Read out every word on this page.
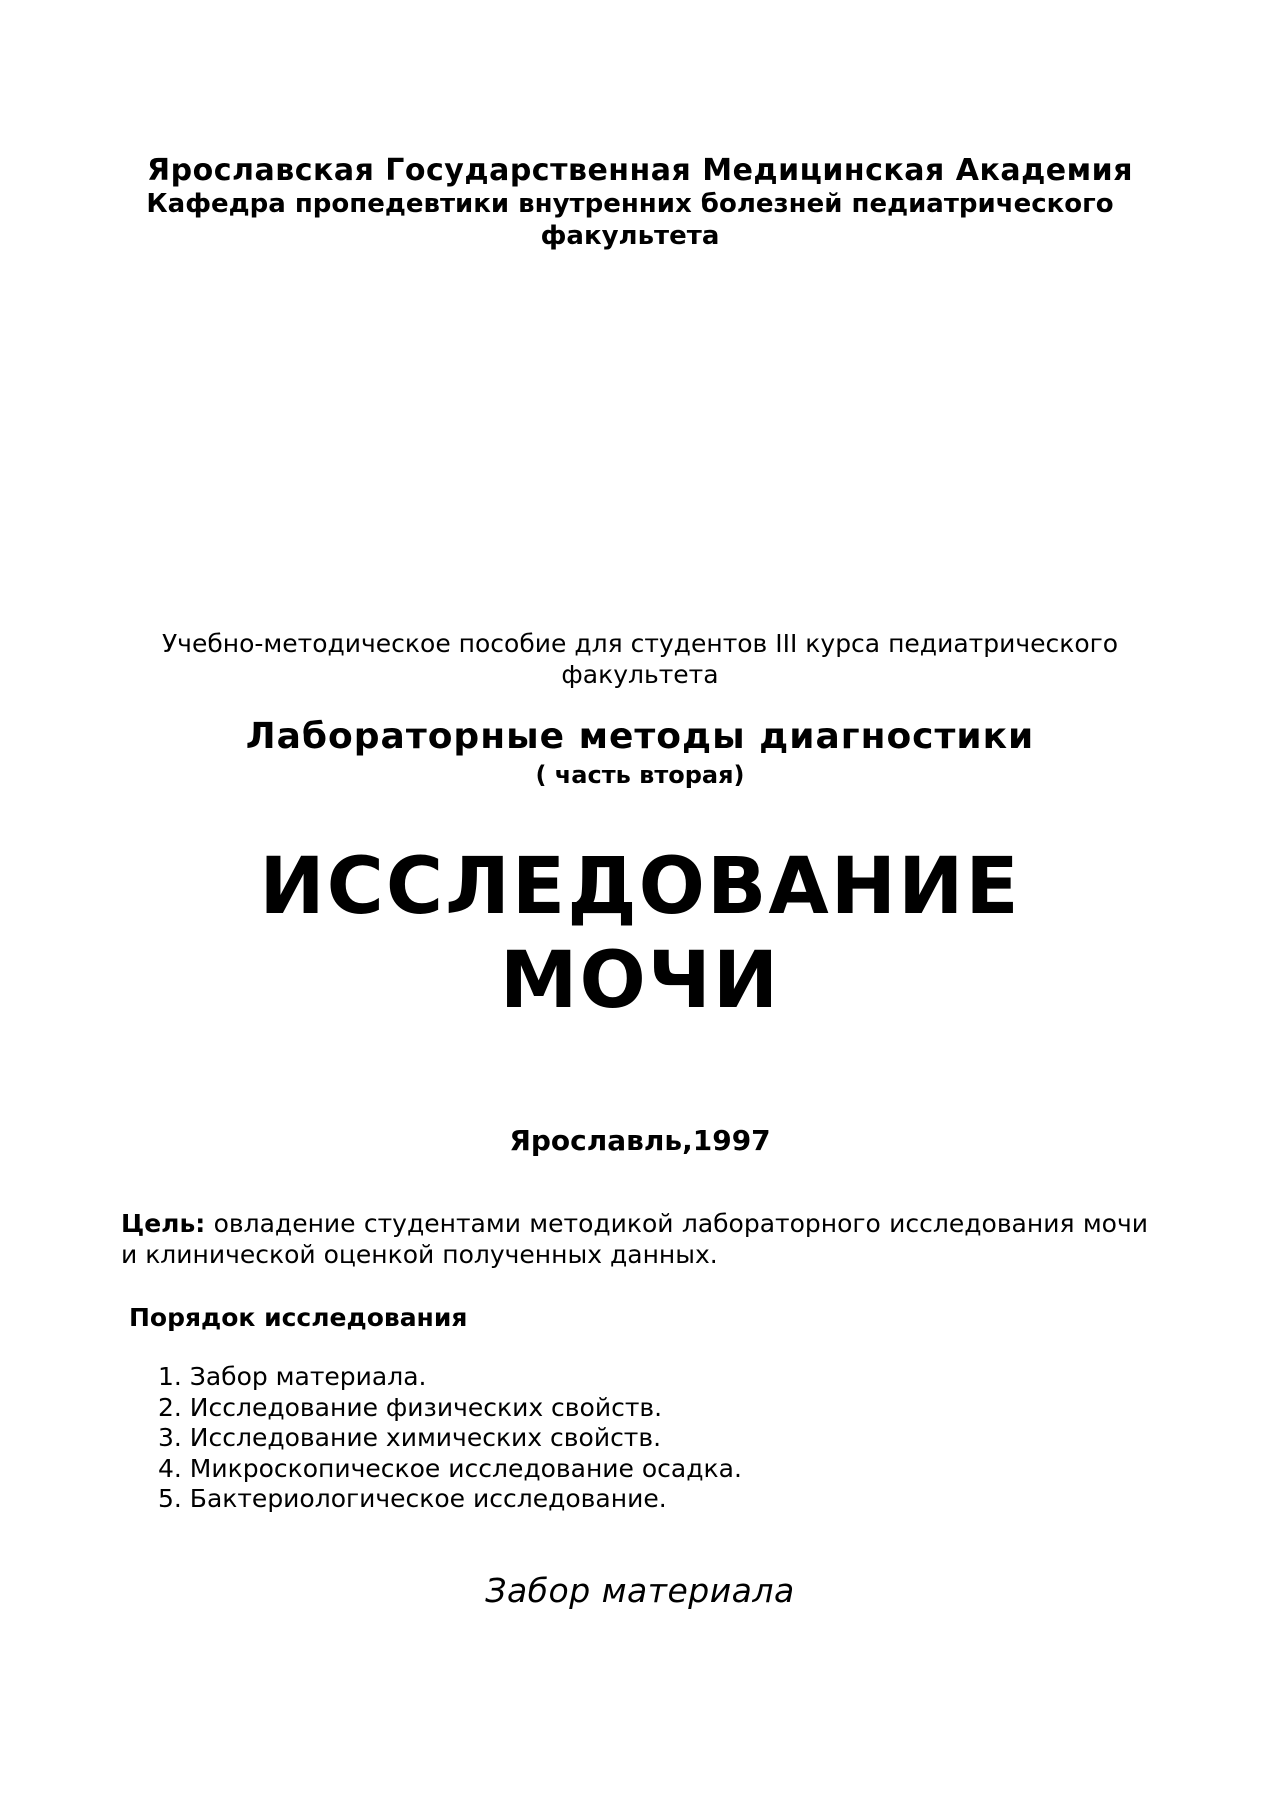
Ярославская Государственная Медицинская Академия
Кафедра пропедевтики внутренних болезней педиатрического факультета
Учебно-методическое пособие для студентов III курса педиатрического факультета
Лабораторные методы диагностики
( часть вторая)
ИССЛЕДОВАНИЕ МОЧИ
Ярославль,1997
Цель: овладение студентами методикой лабораторного исследования мочи и клинической оценкой полученных данных.
Порядок исследования
1. Забор материала.
2. Исследование физических свойств.
3. Исследование химических свойств.
4. Микроскопическое исследование осадка.
5. Бактериологическое исследование.
Забор материала
